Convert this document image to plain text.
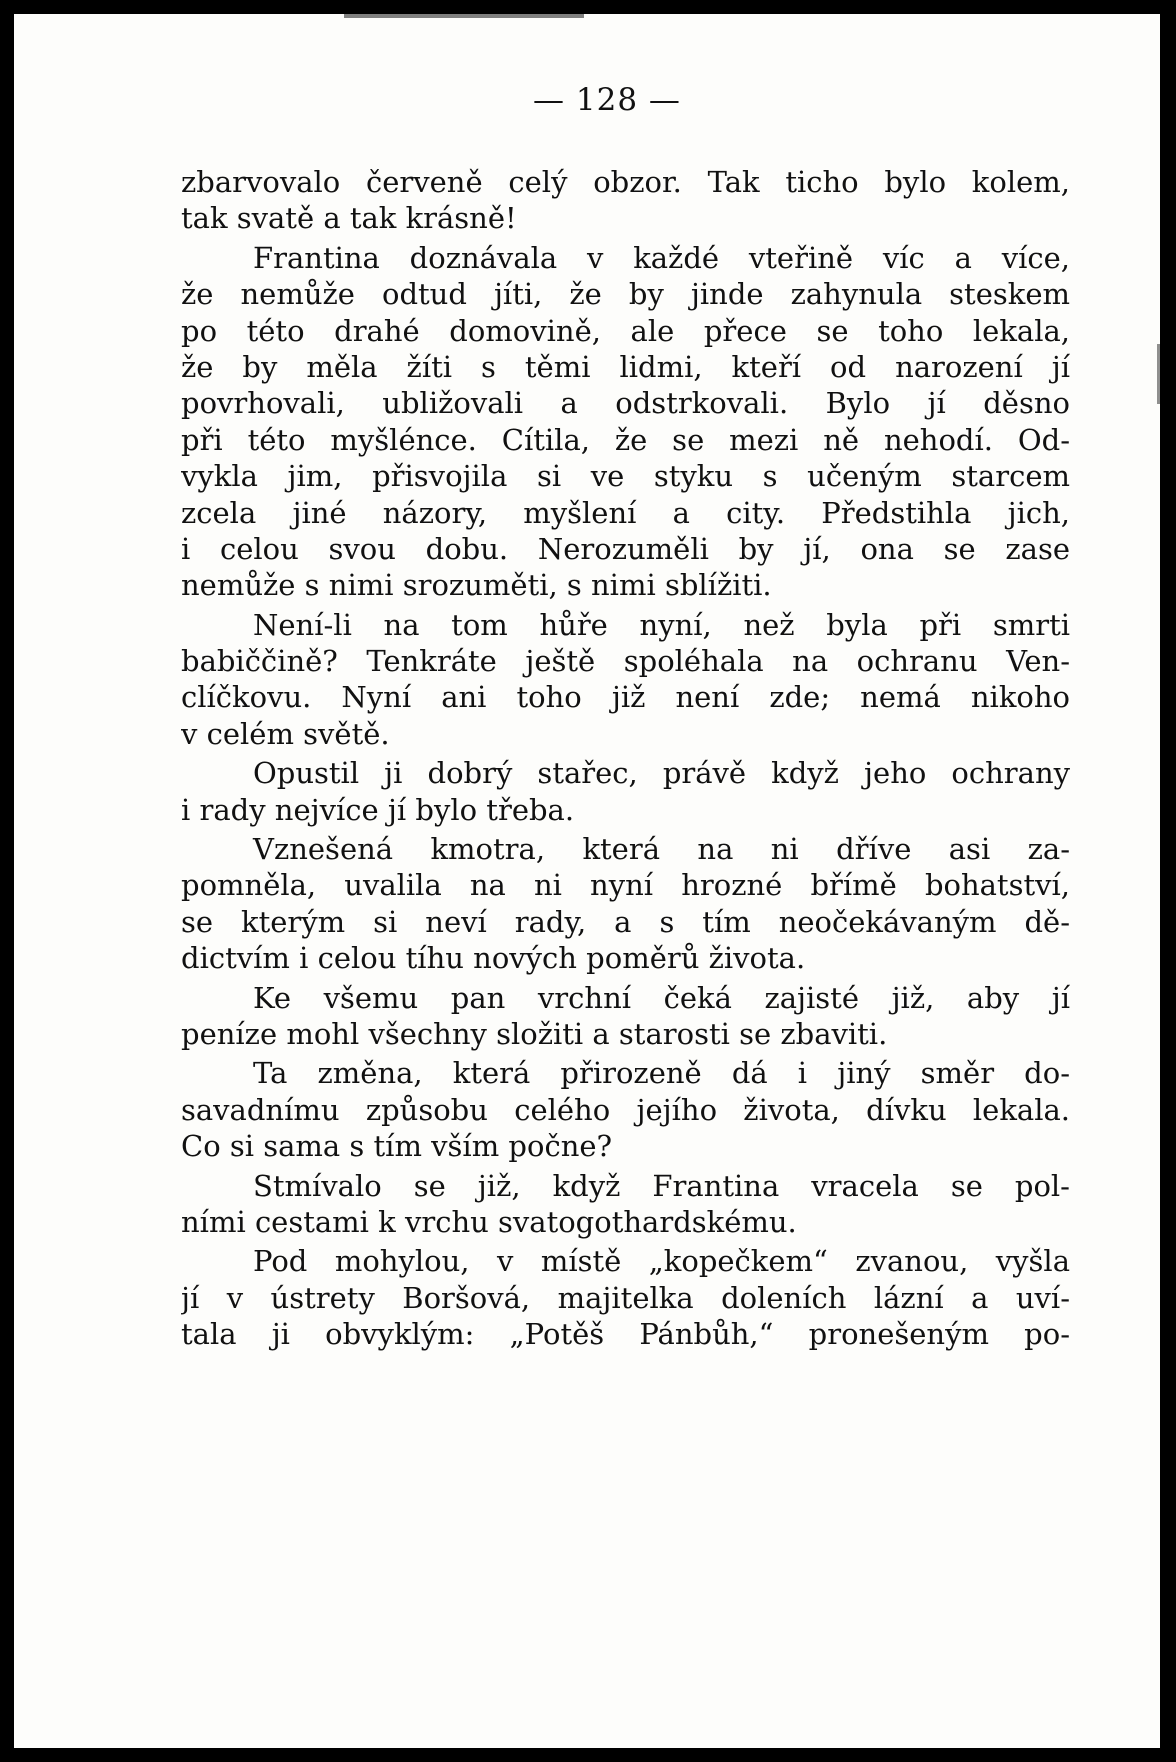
— 128 —
zbarvovalo červeně celý obzor. Tak ticho bylo kolem,
tak svatě a tak krásně!
Frantina doznávala v každé vteřině víc a více,
že nemůže odtud jíti, že by jinde zahynula steskem
po této drahé domovině, ale přece se toho lekala,
že by měla žíti s těmi lidmi, kteří od narození jí
povrhovali, ubližovali a odstrkovali. Bylo jí děsno
při této myšlénce. Cítila, že se mezi ně nehodí. Od-
vykla jim, přisvojila si ve styku s učeným starcem
zcela jiné názory, myšlení a city. Předstihla jich,
i celou svou dobu. Nerozuměli by jí, ona se zase
nemůže s nimi srozuměti, s nimi sblížiti.
Není-li na tom hůře nyní, než byla při smrti
babiččině? Tenkráte ještě spoléhala na ochranu Ven-
clíčkovu. Nyní ani toho již není zde; nemá nikoho
v celém světě.
Opustil ji dobrý stařec, právě když jeho ochrany
i rady nejvíce jí bylo třeba.
Vznešená kmotra, která na ni dříve asi za-
pomněla, uvalila na ni nyní hrozné břímě bohatství,
se kterým si neví rady, a s tím neočekávaným dě-
dictvím i celou tíhu nových poměrů života.
Ke všemu pan vrchní čeká zajisté již, aby jí
peníze mohl všechny složiti a starosti se zbaviti.
Ta změna, která přirozeně dá i jiný směr do-
savadnímu způsobu celého jejího života, dívku lekala.
Co si sama s tím vším počne?
Stmívalo se již, když Frantina vracela se pol-
ními cestami k vrchu svatogothardskému.
Pod mohylou, v místě „kopečkem“ zvanou, vyšla
jí v ústrety Boršová, majitelka doleních lázní a uví-
tala ji obvyklým: „Potěš Pánbůh,“ pronešeným po-
